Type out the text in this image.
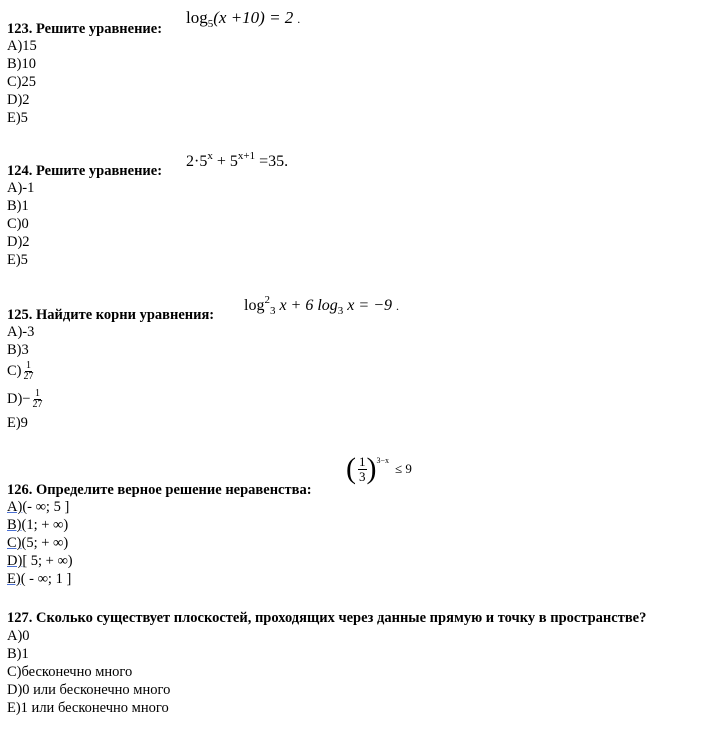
$\log_5(x +10) = 2$ .
123. Решите уравнение:
A)15
B)10
C)25
D)2
E)5
$2\cdot 5^x + 5^{x+1} =35$.
124. Решите уравнение:
A)-1
B)1
C)0
D)2
E)5
$\log^2_3 x + 6$ $\log_3 x = -9$ .
125. Найдите корни уравнения:
A)-3
B)3
$C) \frac{1}{27}$
$D)- \frac{1}{27}$
E)9
( $\frac{1}{3}$ ) 3−x
≤ 9
126. Определите верное решение неравенства:
A)(- ∞; 5 ]
B)(1; + ∞)
C)(5; + ∞)
D)[ 5; + ∞)
E)( - ∞; 1 ]
127. Сколько существует плоскостей, проходящих через данные прямую и точку в пространстве?
A)0
B)1
C)бесконечно много
D)0 или бесконечно много
E)1 или бесконечно много
